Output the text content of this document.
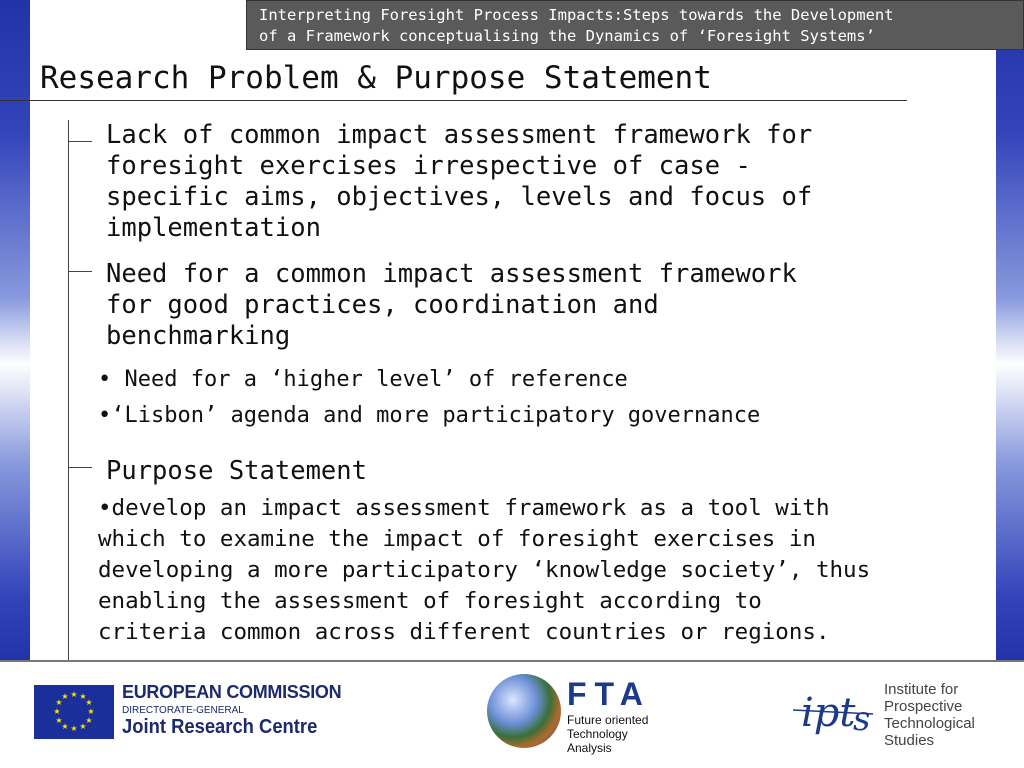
Interpreting Foresight Process Impacts:Steps towards the Development
of a Framework conceptualising the Dynamics of ‘Foresight Systems’
Research Problem & Purpose Statement
Lack of common impact assessment framework for
foresight exercises irrespective of case -
specific aims, objectives, levels and focus of
implementation
Need for a common impact assessment framework
for good practices, coordination and
benchmarking
• Need for a ‘higher level’ of reference
•‘Lisbon’ agenda and more participatory governance
Purpose Statement
•develop an impact assessment framework as a tool with
which to examine the impact of foresight exercises in
developing a more participatory ‘knowledge society’, thus
enabling the assessment of foresight according to
criteria common across different countries or regions.
★ ★
★
★
★
★
★
★
★
★
★
★	EUROPEAN COMMISSION
DIRECTORATE-GENERAL
Joint Research Centre
FTA
Future oriented
Technology
Analysis
ipt
s
Institute for
Prospective
Technological
Studies
